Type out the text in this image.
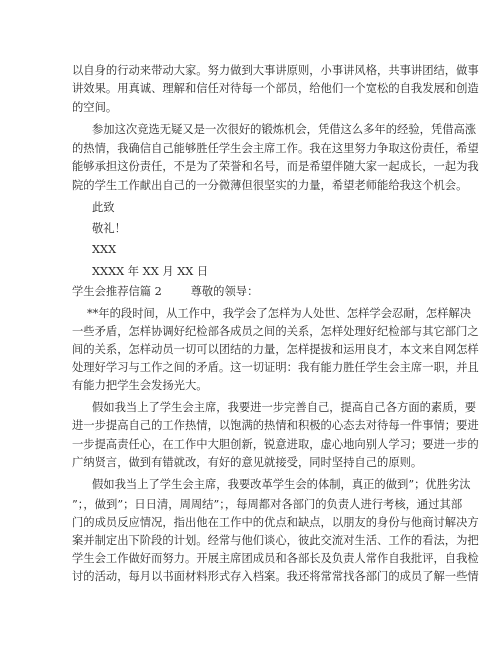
以自身的行动来带动大家。努力做到大事讲原则，小事讲风格，共事讲团结，做事
讲效果。用真诚、理解和信任对待每一个部员，给他们一个宽松的自我发展和创造
的空间。
参加这次竞选无疑又是一次很好的锻炼机会，凭借这么多年的经验，凭借高涨
的热情，我确信自己能够胜任学生会主席工作。我在这里努力争取这份责任，希望
能够承担这份责任，不是为了荣誉和名号，而是希望伴随大家一起成长，一起为我
院的学生工作献出自己的一分微薄但很坚实的力量，希望老师能给我这个机会。
此致
敬礼！
XXX
XXXX 年 XX 月 XX 日
学生会推荐信篇 2        尊敬的领导：
**年的段时间，从工作中，我学会了怎样为人处世、怎样学会忍耐，怎样解决
一些矛盾，怎样协调好纪检部各成员之间的关系，怎样处理好纪检部与其它部门之
间的关系，怎样动员一切可以团结的力量，怎样提拔和运用良才，本文来自网怎样
处理好学习与工作之间的矛盾。这一切证明：我有能力胜任学生会主席一职，并且
有能力把学生会发扬光大。
假如我当上了学生会主席，我要进一步完善自己，提高自己各方面的素质，要
进一步提高自己的工作热情，以饱满的热情和积极的心态去对待每一件事情；要进
一步提高责任心，在工作中大胆创新，锐意进取，虚心地向别人学习；要进一步的
广纳贤言，做到有错就改，有好的意见就接受，同时坚持自己的原则。
假如我当上了学生会主席，我要改革学生会的体制，真正的做到”；优胜劣汰
”；，做到”；日日清，周周结”；，每周都对各部门的负责人进行考核，通过其部
门的成员反应情况，指出他在工作中的优点和缺点，以朋友的身份与他商讨解决方
案并制定出下阶段的计划。经常与他们谈心，彼此交流对生活、工作的看法，为把
学生会工作做好而努力。开展主席团成员和各部长及负责人常作自我批评，自我检
讨的活动，每月以书面材料形式存入档案。我还将常常找各部门的成员了解一些情
